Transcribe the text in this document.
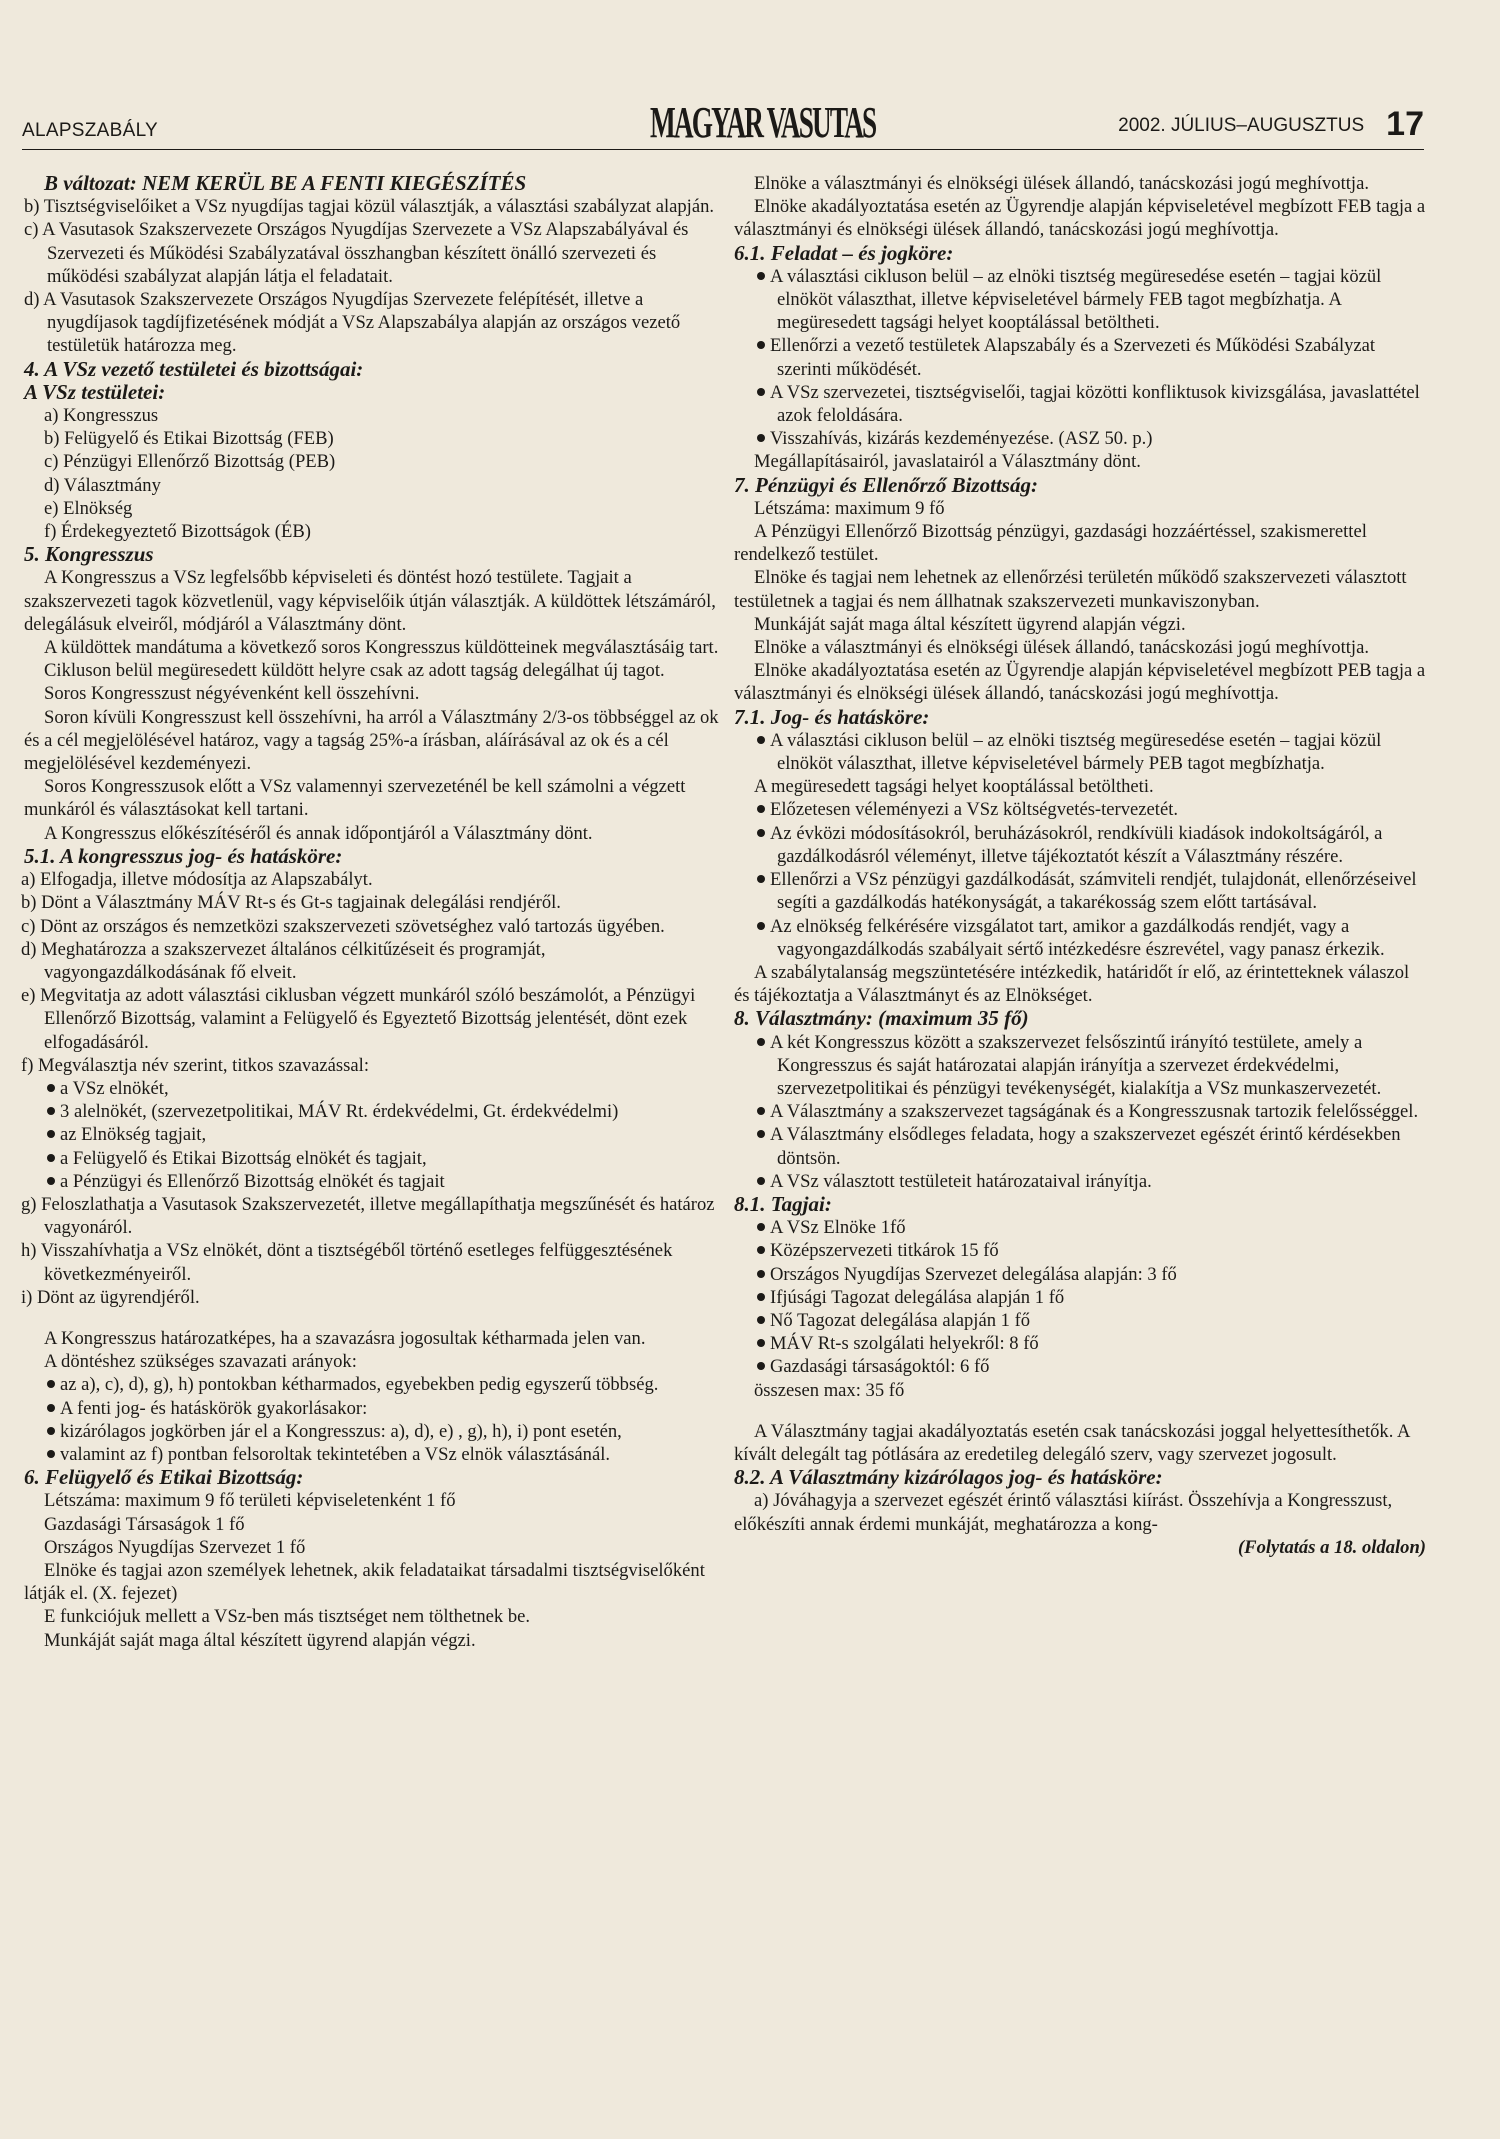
ALAPSZABÁLY	MAGYAR VASUTAS	2002. JÚLIUS–AUGUSZTUS 17

B változat: NEM KERÜL BE A FENTI KIEGÉSZÍTÉS

b) Tisztségviselőiket a VSz nyugdíjas tagjai közül választják, a választási szabályzat alapján.

c) A Vasutasok Szakszervezete Országos Nyugdíjas Szervezete a VSz Alapszabályával és Szervezeti és Működési Szabályzatával összhangban készített önálló szervezeti és működési szabályzat alapján látja el feladatait.

d) A Vasutasok Szakszervezete Országos Nyugdíjas Szervezete felépítését, illetve a nyugdíjasok tagdíjfizetésének módját a VSz Alapszabálya alapján az országos vezető testületük határozza meg.

4. A VSz vezető testületei és bizottságai:

A VSz testületei:

a) Kongresszus

b) Felügyelő és Etikai Bizottság (FEB)

c) Pénzügyi Ellenőrző Bizottság (PEB)

d) Választmány

e) Elnökség

f) Érdekegyeztető Bizottságok (ÉB)

5. Kongresszus

A Kongresszus a VSz legfelsőbb képviseleti és döntést hozó testülete. Tagjait a szakszervezeti tagok közvetlenül, vagy képviselőik útján választják. A küldöttek létszámáról, delegálásuk elveiről, módjáról a Választmány dönt.

A küldöttek mandátuma a következő soros Kongresszus küldötteinek megválasztásáig tart.

Cikluson belül megüresedett küldött helyre csak az adott tagság delegálhat új tagot.

Soros Kongresszust négyévenként kell összehívni.

Soron kívüli Kongresszust kell összehívni, ha arról a Választmány 2/3-os többséggel az ok és a cél megjelölésével határoz, vagy a tagság 25%-a írásban, aláírásával az ok és a cél megjelölésével kezdeményezi.

Soros Kongresszusok előtt a VSz valamennyi szervezeténél be kell számolni a végzett munkáról és választásokat kell tartani.

A Kongresszus előkészítéséről és annak időpontjáról a Választmány dönt.

5.1. A kongresszus jog- és hatásköre:

a) Elfogadja, illetve módosítja az Alapszabályt.

b) Dönt a Választmány MÁV Rt-s és Gt-s tagjainak delegálási rendjéről.

c) Dönt az országos és nemzetközi szakszervezeti szövetséghez való tartozás ügyében.

d) Meghatározza a szakszervezet általános célkitűzéseit és programját, vagyongazdálkodásának fő elveit.

e) Megvitatja az adott választási ciklusban végzett munkáról szóló beszámolót, a Pénzügyi Ellenőrző Bizottság, valamint a Felügyelő és Egyeztető Bizottság jelentését, dönt ezek elfogadásáról.

f) Megválasztja név szerint, titkos szavazással:

a VSz elnökét,

3 alelnökét, (szervezetpolitikai, MÁV Rt. érdekvédelmi, Gt. érdekvédelmi)

az Elnökség tagjait,

a Felügyelő és Etikai Bizottság elnökét és tagjait,

a Pénzügyi és Ellenőrző Bizottság elnökét és tagjait

g) Feloszlathatja a Vasutasok Szakszervezetét, illetve megállapíthatja megszűnését és határoz vagyonáról.

h) Visszahívhatja a VSz elnökét, dönt a tisztségéből történő esetleges felfüggesztésének következményeiről.

i) Dönt az ügyrendjéről.

A Kongresszus határozatképes, ha a szavazásra jogosultak kétharmada jelen van.

A döntéshez szükséges szavazati arányok:

az a), c), d), g), h) pontokban kétharmados, egyebekben pedig egyszerű többség.

A fenti jog- és hatáskörök gyakorlásakor:

kizárólagos jogkörben jár el a Kongresszus: a), d), e) , g), h), i) pont esetén,

valamint az f) pontban felsoroltak tekintetében a VSz elnök választásánál.

6. Felügyelő és Etikai Bizottság:

Létszáma: maximum 9 fő területi képviseletenként 1 fő

Gazdasági Társaságok 1 fő

Országos Nyugdíjas Szervezet 1 fő

Elnöke és tagjai azon személyek lehetnek, akik feladataikat társadalmi tisztségviselőként látják el. (X. fejezet)

E funkciójuk mellett a VSz-ben más tisztséget nem tölthetnek be.

Munkáját saját maga által készített ügyrend alapján végzi.

Elnöke a választmányi és elnökségi ülések állandó, tanácskozási jogú meghívottja.

Elnöke akadályoztatása esetén az Ügyrendje alapján képviseletével megbízott FEB tagja a választmányi és elnökségi ülések állandó, tanácskozási jogú meghívottja.

6.1. Feladat – és jogköre:

A választási cikluson belül – az elnöki tisztség megüresedése esetén – tagjai közül elnököt választhat, illetve képviseletével bármely FEB tagot megbízhatja. A megüresedett tagsági helyet kooptálással betöltheti.

Ellenőrzi a vezető testületek Alapszabály és a Szervezeti és Működési Szabályzat szerinti működését.

A VSz szervezetei, tisztségviselői, tagjai közötti konfliktusok kivizsgálása, javaslattétel azok feloldására.

Visszahívás, kizárás kezdeményezése. (ASZ 50. p.)

Megállapításairól, javaslatairól a Választmány dönt.

7. Pénzügyi és Ellenőrző Bizottság:

Létszáma: maximum 9 fő

A Pénzügyi Ellenőrző Bizottság pénzügyi, gazdasági hozzáértéssel, szakismerettel rendelkező testület.

Elnöke és tagjai nem lehetnek az ellenőrzési területén működő szakszervezeti választott testületnek a tagjai és nem állhatnak szakszervezeti munkaviszonyban.

Munkáját saját maga által készített ügyrend alapján végzi.

Elnöke a választmányi és elnökségi ülések állandó, tanácskozási jogú meghívottja.

Elnöke akadályoztatása esetén az Ügyrendje alapján képviseletével megbízott PEB tagja a választmányi és elnökségi ülések állandó, tanácskozási jogú meghívottja.

7.1. Jog- és hatásköre:

A választási cikluson belül – az elnöki tisztség megüresedése esetén – tagjai közül elnököt választhat, illetve képviseletével bármely PEB tagot megbízhatja.

A megüresedett tagsági helyet kooptálással betöltheti.

Előzetesen véleményezi a VSz költségvetés-tervezetét.

Az évközi módosításokról, beruházásokról, rendkívüli kiadások indokoltságáról, a gazdálkodásról véleményt, illetve tájékoztatót készít a Választmány részére.

Ellenőrzi a VSz pénzügyi gazdálkodását, számviteli rendjét, tulajdonát, ellenőrzéseivel segíti a gazdálkodás hatékonyságát, a takarékosság szem előtt tartásával.

Az elnökség felkérésére vizsgálatot tart, amikor a gazdálkodás rendjét, vagy a vagyongazdálkodás szabályait sértő intézkedésre észrevétel, vagy panasz érkezik.

A szabálytalanság megszüntetésére intézkedik, határidőt ír elő, az érintetteknek válaszol és tájékoztatja a Választmányt és az Elnökséget.

8. Választmány: (maximum 35 fő)

A két Kongresszus között a szakszervezet felsőszintű irányító testülete, amely a Kongresszus és saját határozatai alapján irányítja a szervezet érdekvédelmi, szervezetpolitikai és pénzügyi tevékenységét, kialakítja a VSz munkaszervezetét.

A Választmány a szakszervezet tagságának és a Kongresszusnak tartozik felelősséggel.

A Választmány elsődleges feladata, hogy a szakszervezet egészét érintő kérdésekben döntsön.

A VSz választott testületeit határozataival irányítja.

8.1. Tagjai:

A VSz Elnöke 1fő

Középszervezeti titkárok 15 fő

Országos Nyugdíjas Szervezet delegálása alapján: 3 fő

Ifjúsági Tagozat delegálása alapján 1 fő

Nő Tagozat delegálása alapján 1 fő

MÁV Rt-s szolgálati helyekről: 8 fő

Gazdasági társaságoktól: 6 fő

összesen max: 35 fő

A Választmány tagjai akadályoztatás esetén csak tanácskozási joggal helyettesíthetők. A kívált delegált tag pótlására az eredetileg delegáló szerv, vagy szervezet jogosult.

8.2. A Választmány kizárólagos jog- és hatásköre:

a) Jóváhagyja a szervezet egészét érintő választási kiírást. Összehívja a Kongresszust, előkészíti annak érdemi munkáját, meghatározza a kong-

(Folytatás a 18. oldalon)
